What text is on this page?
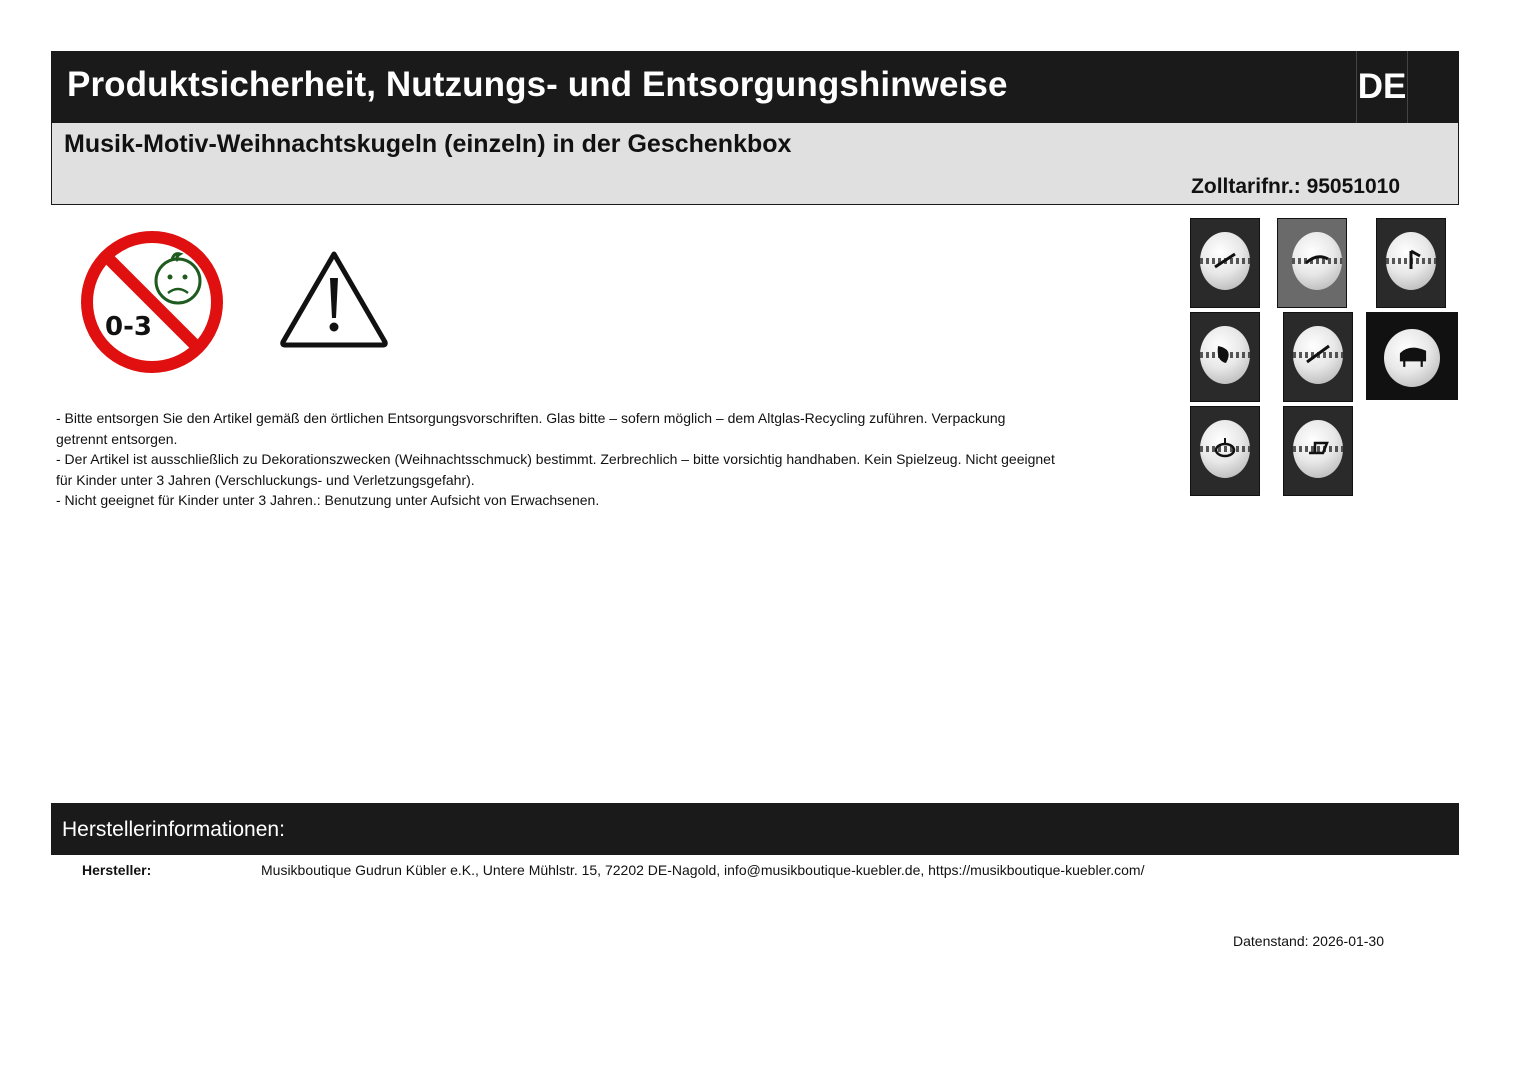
Produktsicherheit, Nutzungs- und Entsorgungshinweise	DE
Musik-Motiv-Weihnachtskugeln (einzeln) in der Geschenkbox
Zolltarifnr.: 95051010
0-3

- Bitte entsorgen Sie den Artikel gemäß den örtlichen Entsorgungsvorschriften. Glas bitte – sofern möglich – dem Altglas-Recycling zuführen. Verpackung getrennt entsorgen.

- Der Artikel ist ausschließlich zu Dekorationszwecken (Weihnachtsschmuck) bestimmt. Zerbrechlich – bitte vorsichtig handhaben. Kein Spielzeug. Nicht geeignet für Kinder unter 3 Jahren (Verschluckungs- und Verletzungsgefahr).

- Nicht geeignet für Kinder unter 3 Jahren.: Benutzung unter Aufsicht von Erwachsenen.

Herstellerinformationen:
Hersteller:	Musikboutique Gudrun Kübler e.K., Untere Mühlstr. 15, 72202 DE-Nagold, info@musikboutique-kuebler.de, https://musikboutique-kuebler.com/
Datenstand: 2026-01-30
